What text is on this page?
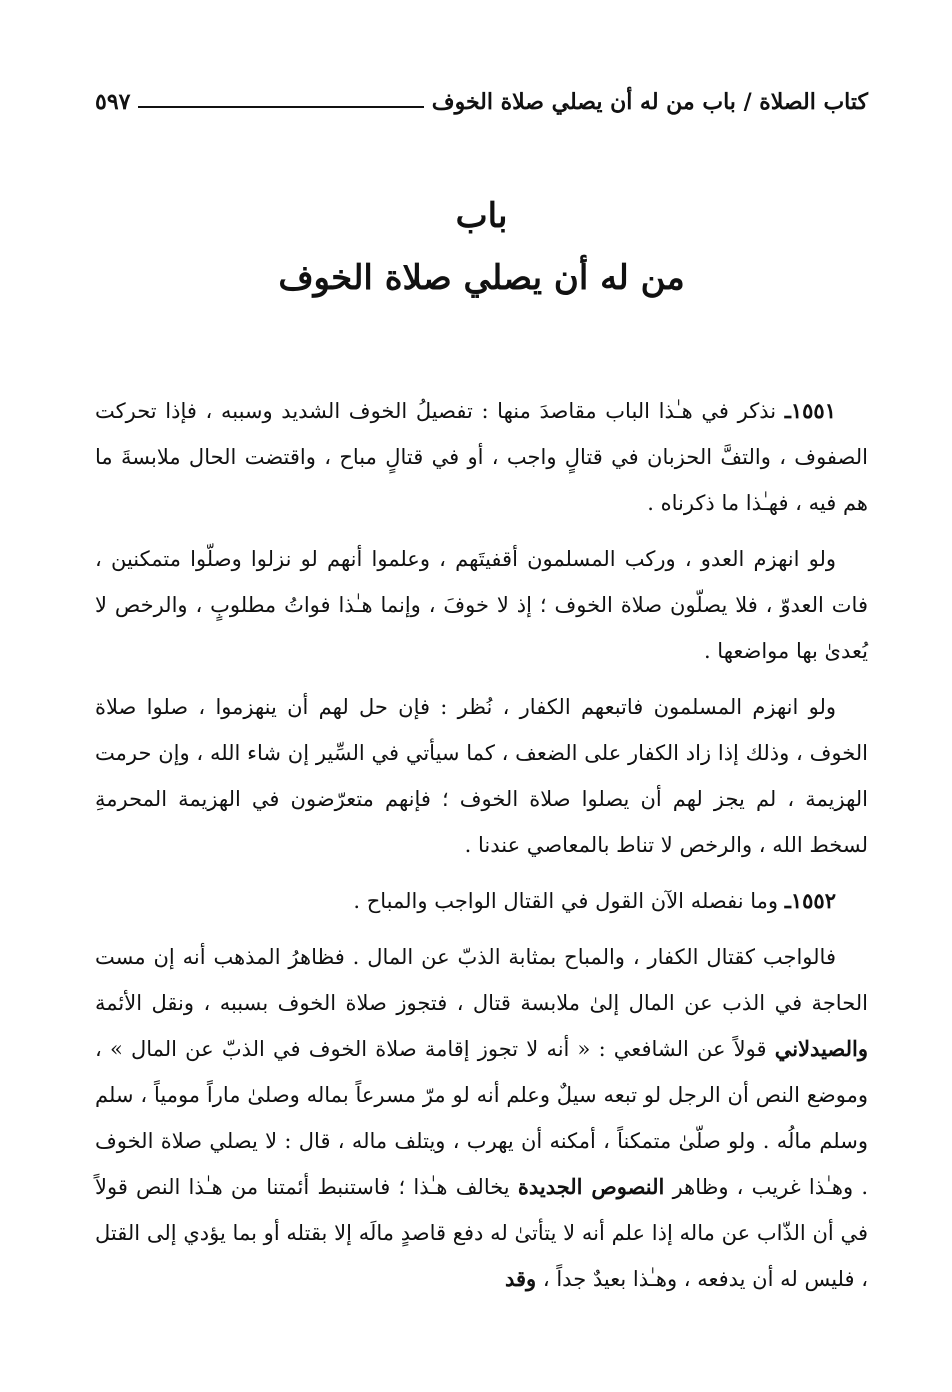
كتاب الصلاة / باب من له أن يصلي صلاة الخوف
٥٩٧
باب
من له أن يصلي صلاة الخوف

١٥٥١ـ نذكر في هـٰذا الباب مقاصدَ منها : تفصيلُ الخوف الشديد وسببه ، فإذا تحركت الصفوف ، والتفَّ الحزبان في قتالٍ واجب ، أو في قتالٍ مباح ، واقتضت الحال ملابسةَ ما هم فيه ، فهـٰذا ما ذكرناه .

ولو انهزم العدو ، وركب المسلمون أقفيتَهم ، وعلموا أنهم لو نزلوا وصلّوا متمكنين ، فات العدوّ ، فلا يصلّون صلاة الخوف ؛ إذ لا خوفَ ، وإنما هـٰذا فواتُ مطلوبٍ ، والرخص لا يُعدىٰ بها مواضعها .

ولو انهزم المسلمون فاتبعهم الكفار ، نُظر : فإن حل لهم أن ينهزموا ، صلوا صلاة الخوف ، وذلك إذا زاد الكفار على الضعف ، كما سيأتي في السِّير إن شاء الله ، وإن حرمت الهزيمة ، لم يجز لهم أن يصلوا صلاة الخوف ؛ فإنهم متعرّضون في الهزيمة المحرمةِ لسخط الله ، والرخص لا تناط بالمعاصي عندنا .

١٥٥٢ـ وما نفصله الآن القول في القتال الواجب والمباح .

فالواجب كقتال الكفار ، والمباح بمثابة الذبّ عن المال . فظاهرُ المذهب أنه إن مست الحاجة في الذب عن المال إلىٰ ملابسة قتال ، فتجوز صلاة الخوف بسببه ، ونقل الأئمة والصيدلاني قولاً عن الشافعي : « أنه لا تجوز إقامة صلاة الخوف في الذبّ عن المال » ، وموضع النص أن الرجل لو تبعه سيلٌ وعلم أنه لو مرّ مسرعاً بماله وصلىٰ ماراً مومياً ، سلم وسلم مالُه . ولو صلّىٰ متمكناً ، أمكنه أن يهرب ، ويتلف ماله ، قال : لا يصلي صلاة الخوف . وهـٰذا غريب ، وظاهر النصوص الجديدة يخالف هـٰذا ؛ فاستنبط أئمتنا من هـٰذا النص قولاً في أن الذّاب عن ماله إذا علم أنه لا يتأتىٰ له دفع قاصدٍ مالَه إلا بقتله أو بما يؤدي إلى القتل ، فليس له أن يدفعه ، وهـٰذا بعيدٌ جداً ، وقد
